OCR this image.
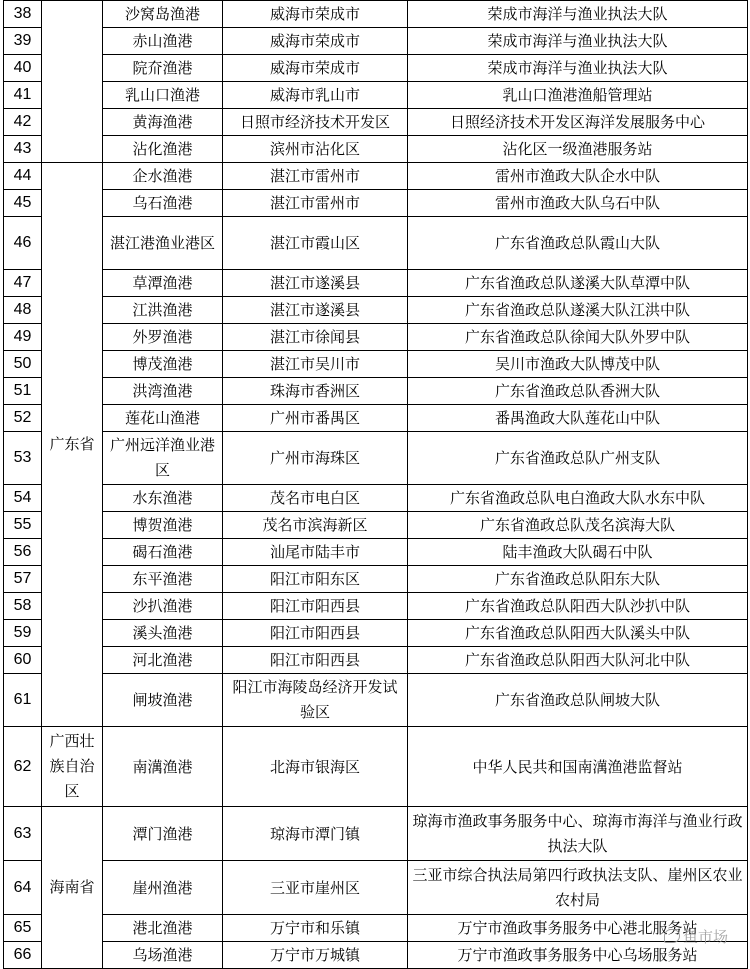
38		沙窝岛渔港	威海市荣成市	荣成市海洋与渔业执法大队
39		赤山渔港	威海市荣成市	荣成市海洋与渔业执法大队
40		院夼渔港	威海市荣成市	荣成市海洋与渔业执法大队
41		乳山口渔港	威海市乳山市	乳山口渔港渔船管理站
42		黄海渔港	日照市经济技术开发区	日照经济技术开发区海洋发展服务中心
43		沾化渔港	滨州市沾化区	沾化区一级渔港服务站
44	广东省	企水渔港	湛江市雷州市	雷州市渔政大队企水中队
45		乌石渔港	湛江市雷州市	雷州市渔政大队乌石中队
46		湛江港渔业港区	湛江市霞山区	广东省渔政总队霞山大队
47		草潭渔港	湛江市遂溪县	广东省渔政总队遂溪大队草潭中队
48		江洪渔港	湛江市遂溪县	广东省渔政总队遂溪大队江洪中队
49		外罗渔港	湛江市徐闻县	广东省渔政总队徐闻大队外罗中队
50		博茂渔港	湛江市吴川市	吴川市渔政大队博茂中队
51		洪湾渔港	珠海市香洲区	广东省渔政总队香洲大队
52		莲花山渔港	广州市番禺区	番禺渔政大队莲花山中队
53		广州远洋渔业港区	广州市海珠区	广东省渔政总队广州支队
54		水东渔港	茂名市电白区	广东省渔政总队电白渔政大队水东中队
55		博贺渔港	茂名市滨海新区	广东省渔政总队茂名滨海大队
56		碣石渔港	汕尾市陆丰市	陆丰渔政大队碣石中队
57		东平渔港	阳江市阳东区	广东省渔政总队阳东大队
58		沙扒渔港	阳江市阳西县	广东省渔政总队阳西大队沙扒中队
59		溪头渔港	阳江市阳西县	广东省渔政总队阳西大队溪头中队
60		河北渔港	阳江市阳西县	广东省渔政总队阳西大队河北中队
61		闸坡渔港	阳江市海陵岛经济开发试验区	广东省渔政总队闸坡大队
62	广西壮族自治区	南澫渔港	北海市银海区	中华人民共和国南澫渔港监督站
63	海南省	潭门渔港	琼海市潭门镇	琼海市渔政事务服务中心、琼海市海洋与渔业行政执法大队
64		崖州渔港	三亚市崖州区	三亚市综合执法局第四行政执法支队、崖州区农业农村局
65		港北渔港	万宁市和乐镇	万宁市渔政事务服务中心港北服务站
66		乌场渔港	万宁市万城镇	万宁市渔政事务服务中心乌场服务站
鱼市场
